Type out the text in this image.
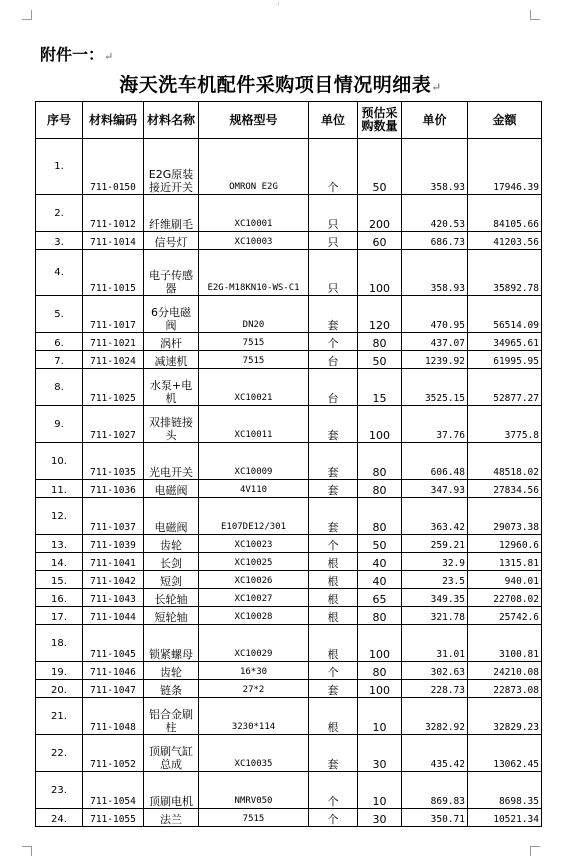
·'
附件一：↵
海天洗车机配件采购项目情况明细表↵
序号	材料编码	材料名称	规格型号	单位	预估采购数量	单价	金额
1.	711-0150	E2G原装接近开关	OMRON E2G	个	50	358.93	17946.39
2.	711-1012	纤维刷毛	XC10001	只	200	420.53	84105.66
3.	711-1014	信号灯	XC10003	只	60	686.73	41203.56
4.	711-1015	电子传感器	E2G-M18KN10-WS-C1	只	100	358.93	35892.78
5.	711-1017	6分电磁阀	DN20	套	120	470.95	56514.09
6.	711-1021	涡杆	7515	个	80	437.07	34965.61
7.	711-1024	减速机	7515	台	50	1239.92	61995.95
8.	711-1025	水泵+电机	XC10021	台	15	3525.15	52877.27
9.	711-1027	双排链接头	XC10011	套	100	37.76	3775.8
10.	711-1035	光电开关	XC10009	套	80	606.48	48518.02
11.	711-1036	电磁阀	4V110	套	80	347.93	27834.56
12.	711-1037	电磁阀	E107DE12/301	套	80	363.42	29073.38
13.	711-1039	齿轮	XC10023	个	50	259.21	12960.6
14.	711-1041	长剑	XC10025	根	40	32.9	1315.81
15.	711-1042	短剑	XC10026	根	40	23.5	940.01
16.	711-1043	长轮轴	XC10027	根	65	349.35	22708.02
17.	711-1044	短轮轴	XC10028	根	80	321.78	25742.6
18.	711-1045	锁紧螺母	XC10029	根	100	31.01	3100.81
19.	711-1046	齿轮	16*30	个	80	302.63	24210.08
20.	711-1047	链条	27*2	套	100	228.73	22873.08
21.	711-1048	铝合金刷柱	3230*114	根	10	3282.92	32829.23
22.	711-1052	顶刷气缸总成	XC10035	套	30	435.42	13062.45
23.	711-1054	顶刷电机	NMRV050	个	10	869.83	8698.35
24.	711-1055	法兰	7515	个	30	350.71	10521.34
